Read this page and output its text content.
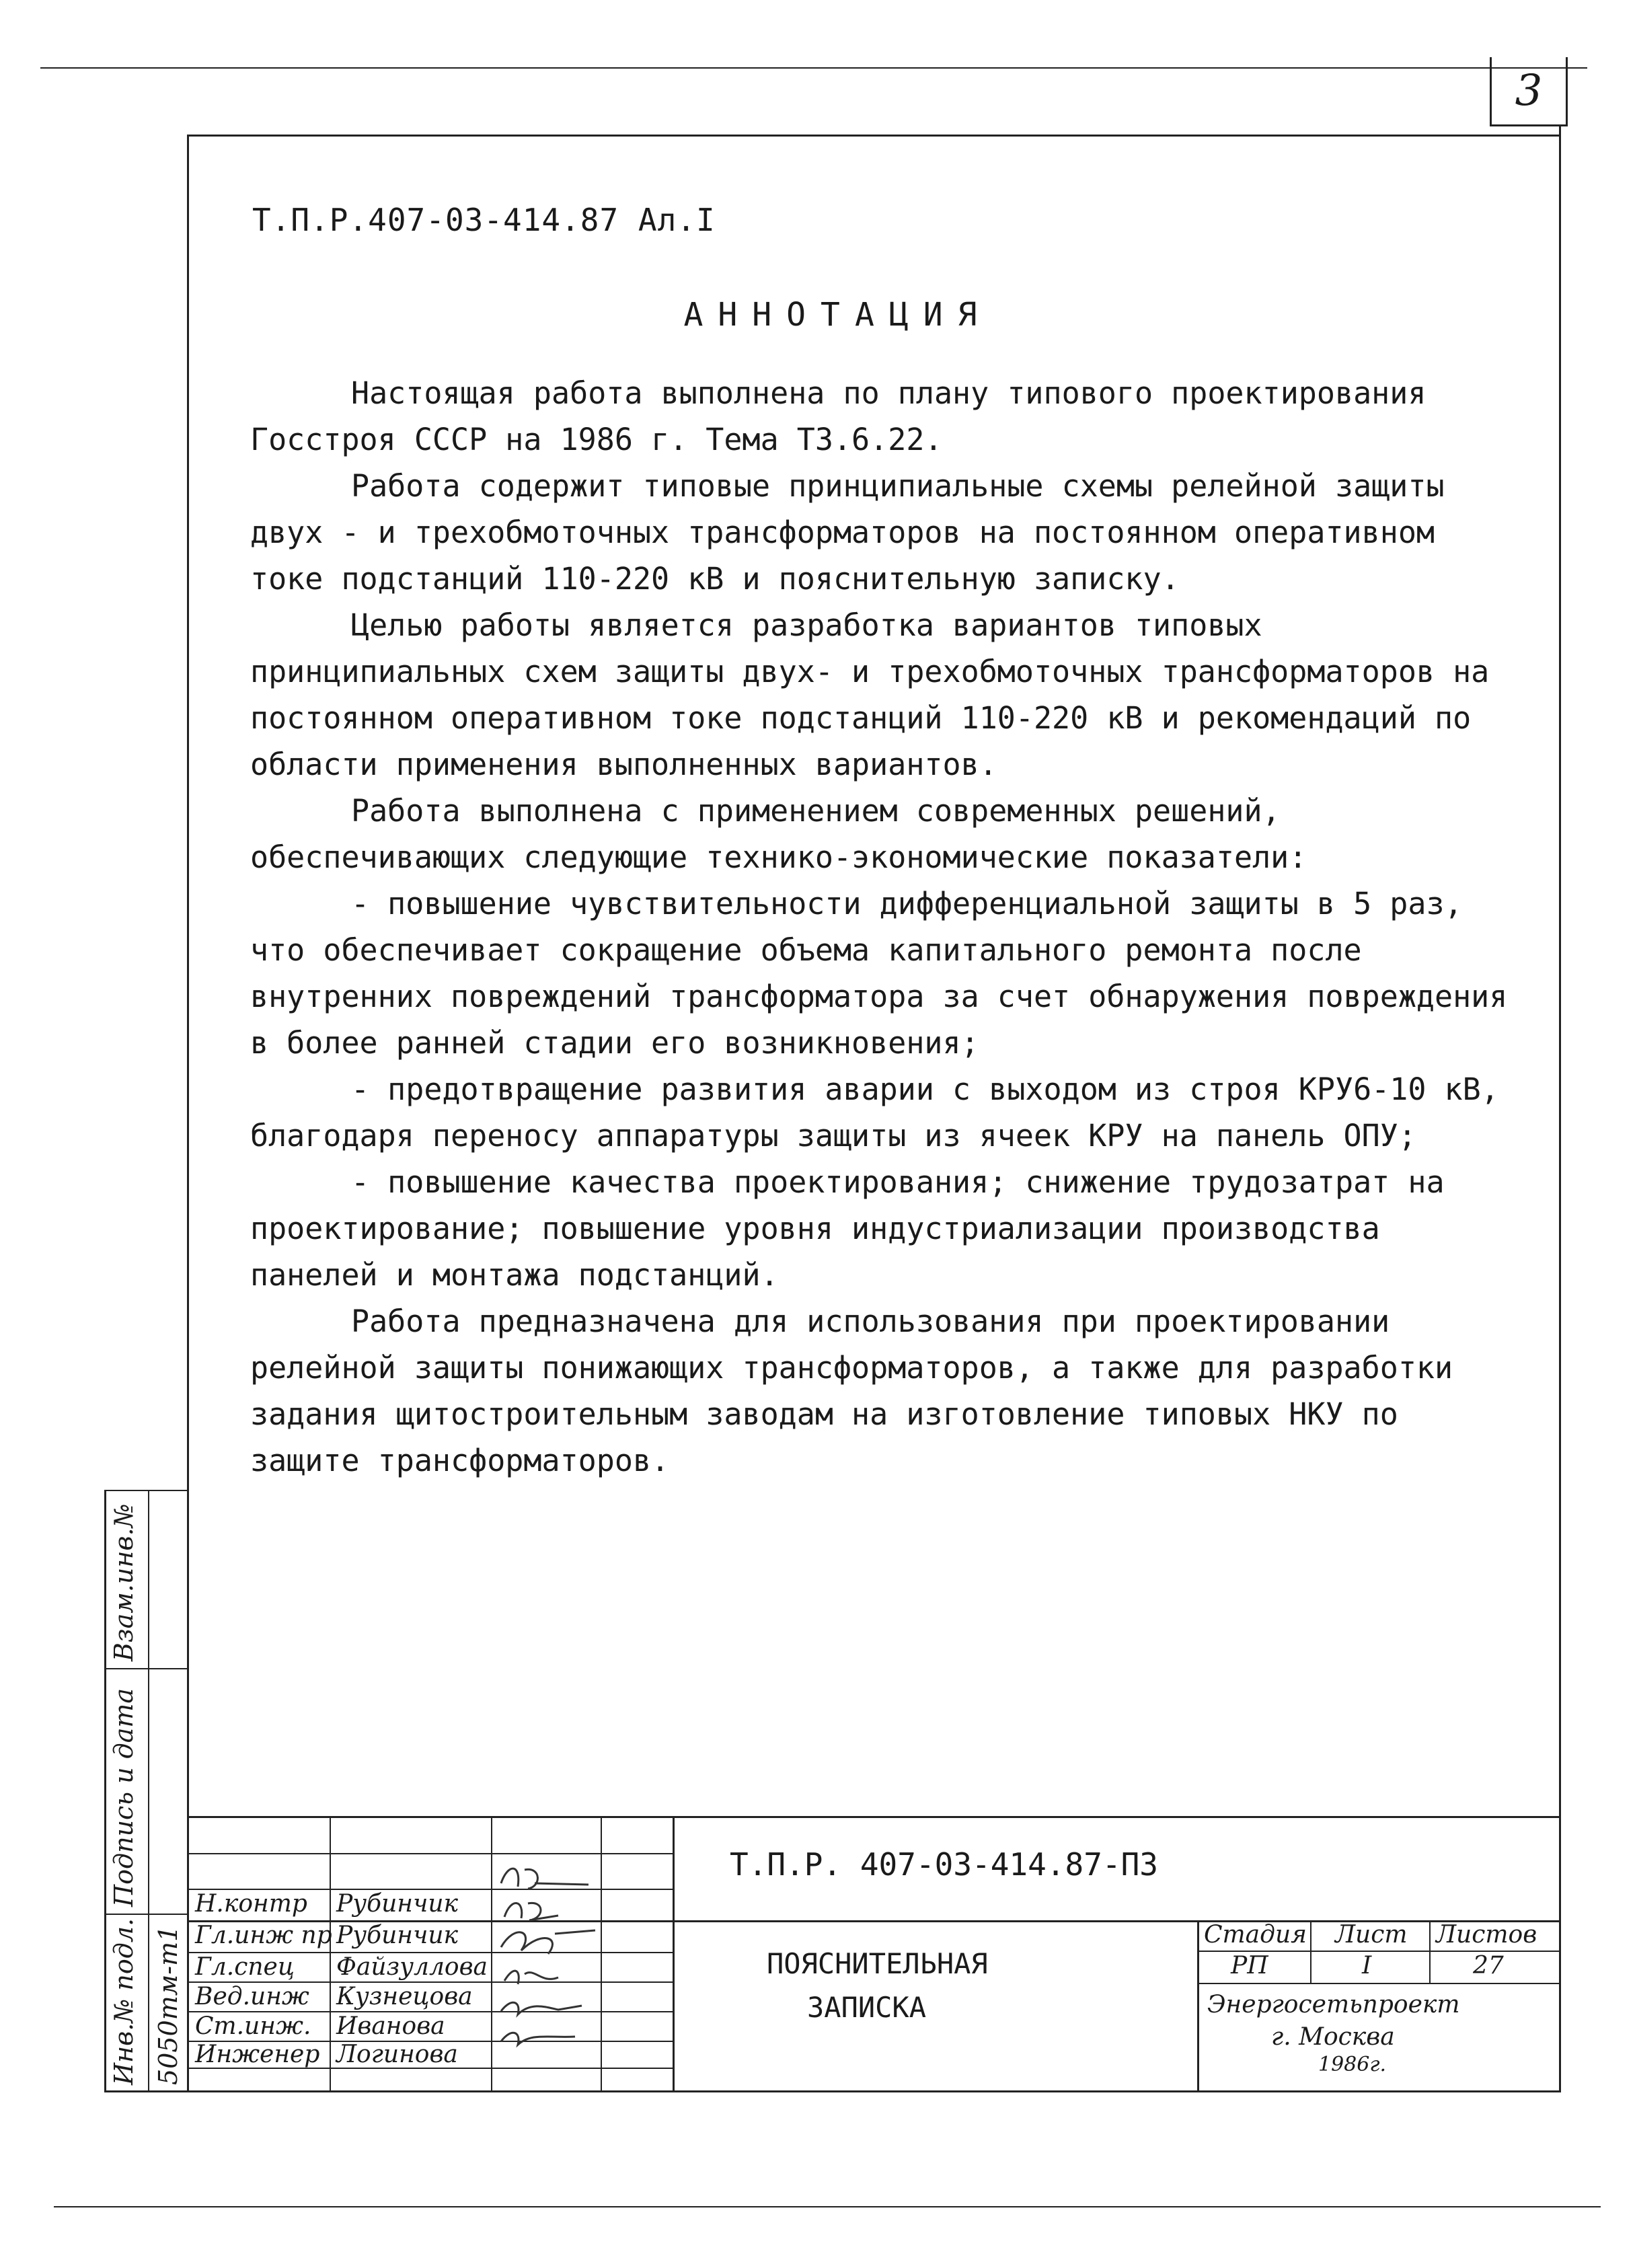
3
Т.П.Р.407-03-414.87 Ал.I
АННОТАЦИЯ

Настоящая работа выполнена по плану типового проектирования Госстроя СССР на 1986 г. Тема ТЗ.6.22.

Работа содержит типовые принципиальные схемы релейной защиты двух - и трехобмоточных трансформаторов на постоянном оперативном токе подстанций 110-220 кВ и пояснительную записку.

Целью работы является разработка вариантов типовых принципиальных схем защиты двух- и трехобмоточных трансформаторов на постоянном оперативном токе подстанций 110-220 кВ и рекомендаций по области применения выполненных вариантов.

Работа выполнена с применением современных решений, обеспечивающих следующие технико-экономические показатели:

- повышение чувствительности дифференциальной защиты в 5 раз, что обеспечивает сокращение объема капитального ремонта после внутренних повреждений трансформатора за счет обнаружения повреждения в более ранней стадии его возникновения;

- предотвращение развития аварии с выходом из строя КРУ6-10 кВ, благодаря переносу аппаратуры защиты из ячеек КРУ на панель ОПУ;

- повышение качества проектирования; снижение трудозатрат на проектирование; повышение уровня индустриализации производства панелей и монтажа подстанций.

Работа предназначена для использования при проектировании релейной защиты понижающих трансформаторов, а также для разработки задания щитостроительным заводам на изготовление типовых НКУ по защите трансформаторов.

Взам.инв.№
Подпись и дата
Инв.№ подл. 5050тм-т1
Т.П.Р. 407-03-414.87-ПЗ
ПОЯСНИТЕЛЬНАЯ
ЗАПИСКА
Стадия Лист Листов
РП	I	27
Энергосетьпроект
г. Москва
1986г.
Н.контр Рубинчик
Гл.инж пр Рубинчик
Гл.спец Файзуллова
Вед.инж Кузнецова
Ст.инж. Иванова
Инженер Логинова
